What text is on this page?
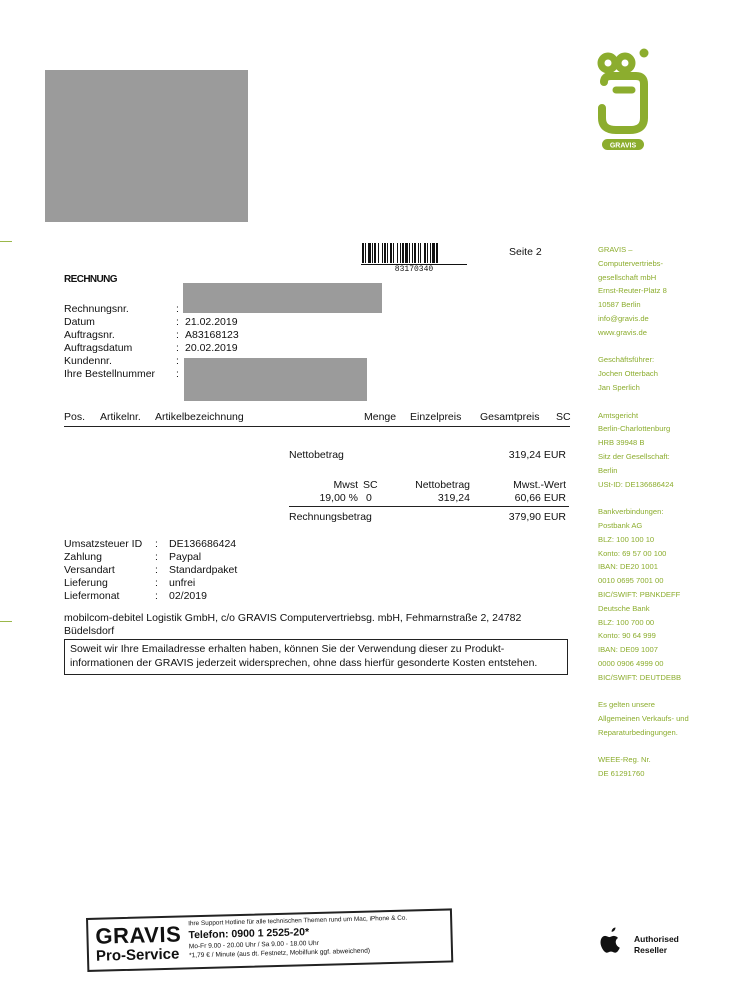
GRAVIS
83170340
Seite 2
RECHNUNG
Rechnungsnr.	:
Datum	: 21.02.2019
Auftragsnr.	: A83168123
Auftragsdatum	: 20.02.2019
Kundennr.	:
Ihre Bestellnummer :
Pos. Artikelnr. Artikelbezeichnung	Menge Einzelpreis Gesamtpreis SC
Nettobetrag	319,24 EUR
Mwst SC	Nettobetrag	Mwst.-Wert
19,00 % 0	319,24	60,66 EUR
Rechnungsbetrag	379,90 EUR
Umsatzsteuer ID : DE136686424
Zahlung	: Paypal
Versandart	: Standardpaket
Lieferung	: unfrei
Liefermonat	: 02/2019
mobilcom-debitel Logistik GmbH, c/o GRAVIS Computervertriebsg. mbH, Fehmarnstraße 2, 24782
Büdelsdorf
Soweit wir Ihre Emailadresse erhalten haben, können Sie der Verwendung dieser zu Produkt-
informationen der GRAVIS jederzeit widersprechen, ohne dass hierfür gesonderte Kosten entstehen.

GRAVIS –

Computervertriebs-

gesellschaft mbH

Ernst-Reuter-Platz 8

10587 Berlin

info@gravis.de

www.gravis.de

Geschäftsführer:

Jochen Otterbach

Jan Sperlich

Amtsgericht

Berlin-Charlottenburg

HRB 39948 B

Sitz der Gesellschaft:

Berlin

USt-ID: DE136686424

Bankverbindungen:

Postbank AG

BLZ: 100 100 10

Konto: 69 57 00 100

IBAN: DE20 1001

0010 0695 7001 00

BIC/SWIFT: PBNKDEFF

Deutsche Bank

BLZ: 100 700 00

Konto: 90 64 999

IBAN: DE09 1007

0000 0906 4999 00

BIC/SWIFT: DEUTDEBB

Es gelten unsere

Allgemeinen Verkaufs- und

Reparaturbedingungen.

WEEE-Reg. Nr.

DE 61291760

GRAVIS
Pro-Service
Ihre Support Hotline für alle technischen Themen rund um Mac, iPhone & Co.
Telefon: 0900 1 2525-20*
Mo-Fr 9.00 - 20.00 Uhr / Sa 9.00 - 18.00 Uhr
*1,79 € / Minute (aus dt. Festnetz, Mobilfunk ggf. abweichend)
Authorised
Reseller
